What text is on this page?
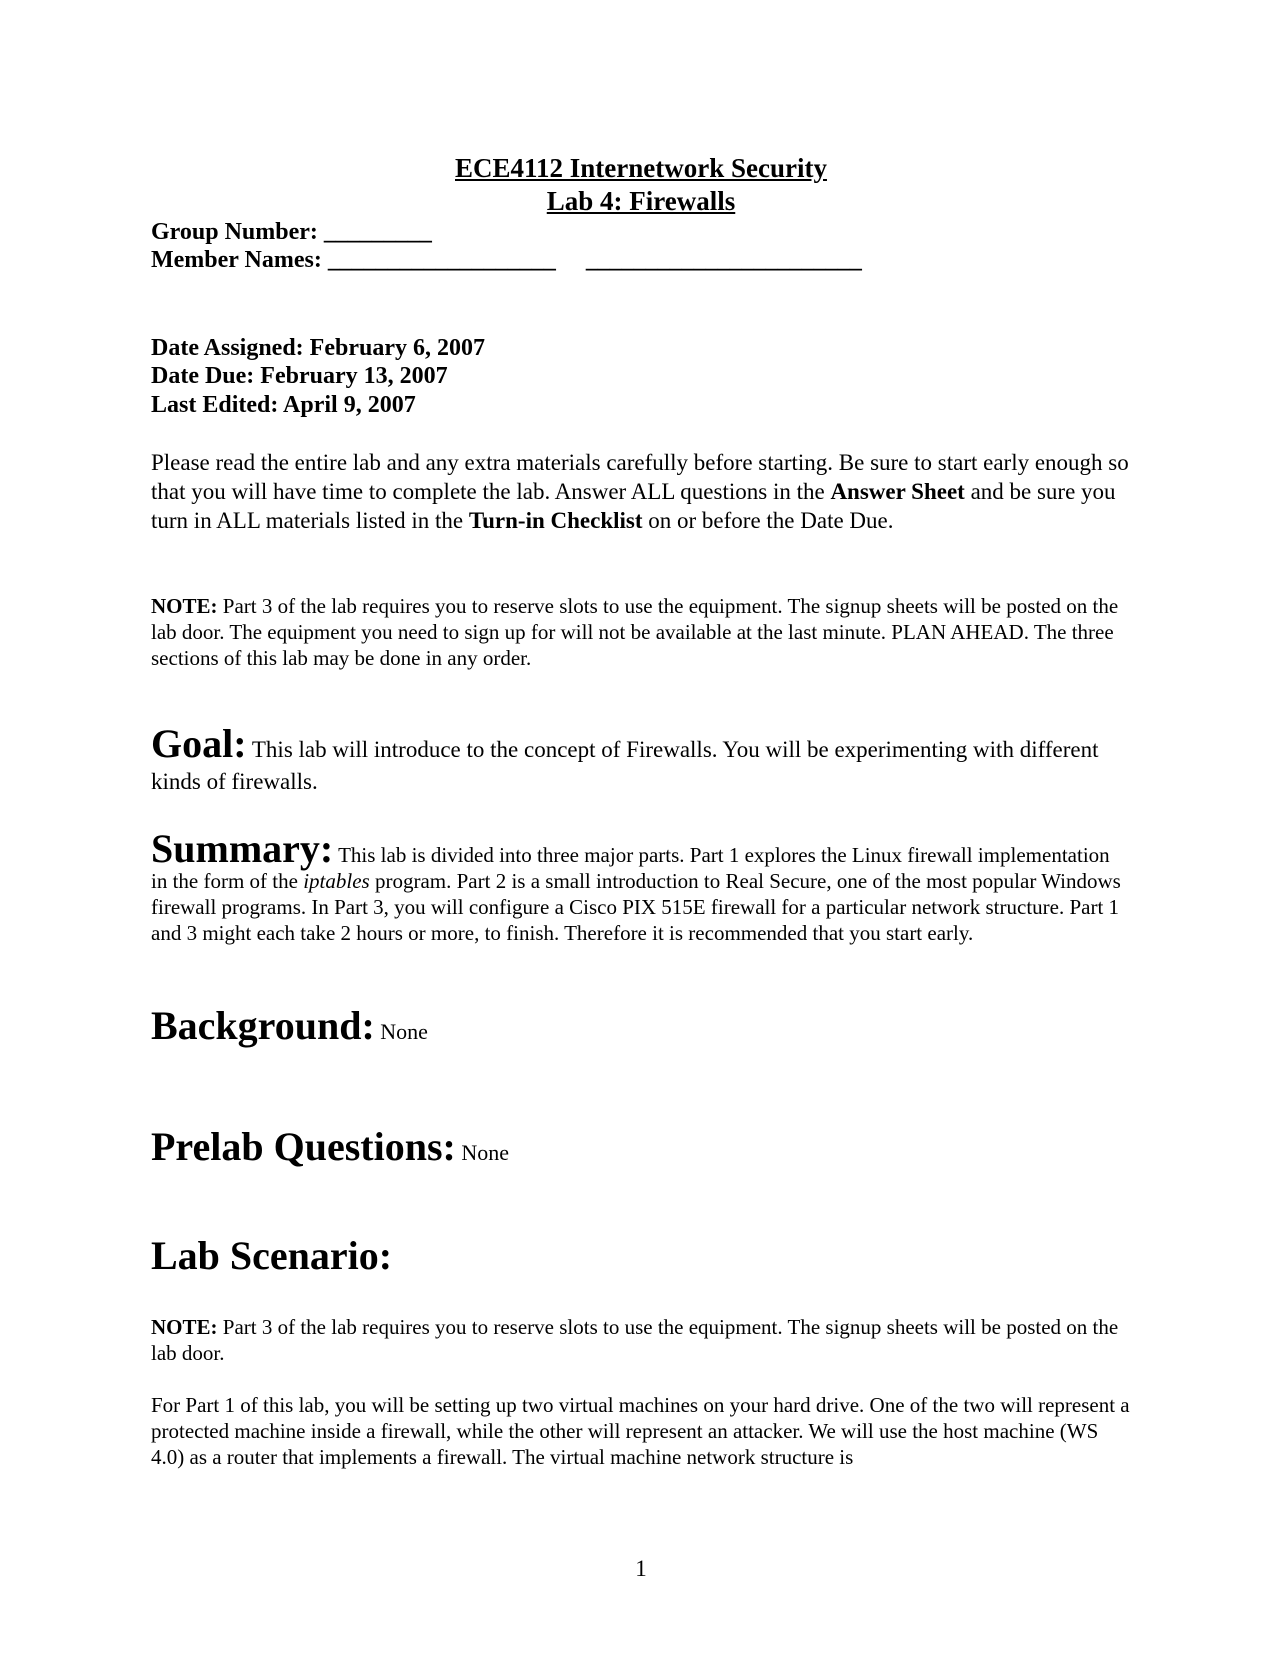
ECE4112 Internetwork Security
Lab 4: Firewalls
Group Number: _________
Member Names: ___________________     _______________________
Date Assigned: February 6, 2007
Date Due: February 13, 2007
Last Edited: April 9, 2007
Please read the entire lab and any extra materials carefully before starting. Be sure to start early enough so that you will have time to complete the lab. Answer ALL questions in the Answer Sheet and be sure you turn in ALL materials listed in the Turn-in Checklist on or before the Date Due.
NOTE: Part 3 of the lab requires you to reserve slots to use the equipment. The signup sheets will be posted on the lab door. The equipment you need to sign up for will not be available at the last minute. PLAN AHEAD. The three sections of this lab may be done in any order.
Goal: This lab will introduce to the concept of Firewalls. You will be experimenting with different kinds of firewalls.
Summary: This lab is divided into three major parts. Part 1 explores the Linux firewall implementation in the form of the iptables program. Part 2 is a small introduction to Real Secure, one of the most popular Windows firewall programs. In Part 3, you will configure a Cisco PIX 515E firewall for a particular network structure. Part 1 and 3 might each take 2 hours or more, to finish. Therefore it is recommended that you start early.
Background: None
Prelab Questions: None
Lab Scenario:
NOTE: Part 3 of the lab requires you to reserve slots to use the equipment. The signup sheets will be posted on the lab door.
For Part 1 of this lab, you will be setting up two virtual machines on your hard drive. One of the two will represent a protected machine inside a firewall, while the other will represent an attacker. We will use the host machine (WS 4.0) as a router that implements a firewall. The virtual machine network structure is
1
